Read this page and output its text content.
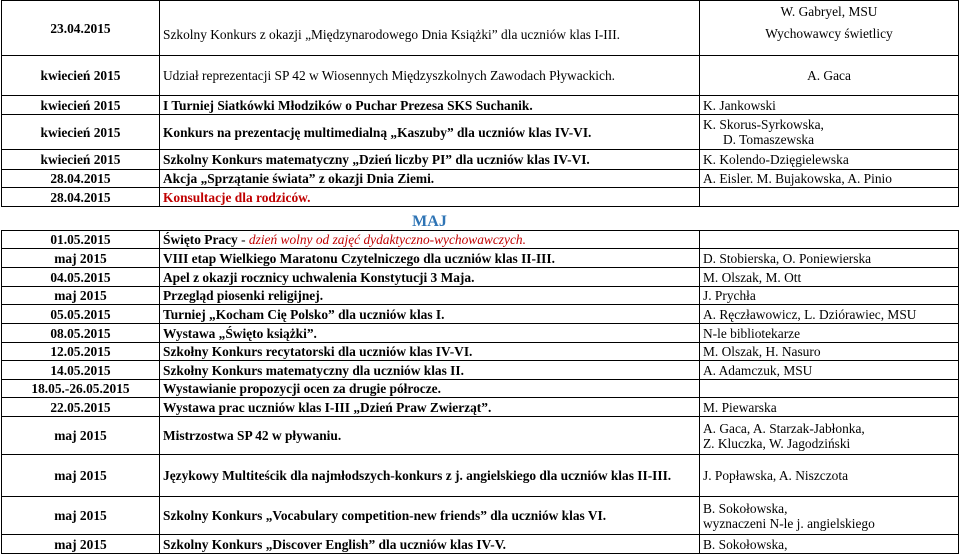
23.04.2015	Szkolny Konkurs z okazji „Międzynarodowego Dnia Książki” dla uczniów klas I-III.	W. Gabryel, MSU
Wychowawcy świetlicy

kwiecień 2015	Udział reprezentacji SP 42 w Wiosennych Międzyszkolnych Zawodach Pływackich.	A. Gaca
kwiecień 2015	I Turniej Siatkówki Młodzików o Puchar Prezesa SKS Suchanik.	K. Jankowski
kwiecień 2015	Konkurs na prezentację multimedialną „Kaszuby” dla uczniów klas IV-VI.	K. Skorus-Syrkowska,
D. Tomaszewska

kwiecień 2015	Szkolny Konkurs matematyczny „Dzień liczby PI” dla uczniów klas IV-VI.	K. Kolendo-Dzięgielewska
28.04.2015	Akcja „Sprzątanie świata” z okazji Dnia Ziemi.	A. Eisler. M. Bujakowska, A. Pinio
28.04.2015	Konsultacje dla rodziców.	
	MAJ	
01.05.2015	Święto Pracy - dzień wolny od zajęć dydaktyczno-wychowawczych.	
maj 2015	VIII etap Wielkiego Maratonu Czytelniczego dla uczniów klas II-III.	D. Stobierska, O. Poniewierska
04.05.2015	Apel z okazji rocznicy uchwalenia Konstytucji 3 Maja.	M. Olszak, M. Ott
maj 2015	Przegląd piosenki religijnej.	J. Prychła
05.05.2015	Turniej „Kocham Cię Polsko” dla uczniów klas I.	A. Ręczławowicz, L. Dziórawiec, MSU
08.05.2015	Wystawa „Święto książki”.	N-le bibliotekarze
12.05.2015	Szkołny Konkurs recytatorski dla uczniów klas IV-VI.	M. Olszak, H. Nasuro
14.05.2015	Szkołny Konkurs matematyczny dla uczniów klas II.	A. Adamczuk, MSU
18.05.-26.05.2015	Wystawianie propozycji ocen za drugie półrocze.	
22.05.2015	Wystawa prac uczniów klas I-III „Dzień Praw Zwierząt”.	M. Piewarska
maj 2015	Mistrzostwa SP 42 w pływaniu.	A. Gaca, A. Starzak-Jabłonka,
Z. Kluczka, W. Jagodziński

maj 2015	Językowy Multiteścik dla najmłodszych-konkurs z j. angielskiego dla uczniów klas II-III.	J. Popławska, A. Niszczota
maj 2015	Szkolny Konkurs „Vocabulary competition-new friends” dla uczniów klas VI.	B. Sokołowska,
wyznaczeni N-le j. angielskiego

maj 2015	Szkolny Konkurs „Discover English” dla uczniów klas IV-V.	B. Sokołowska,
